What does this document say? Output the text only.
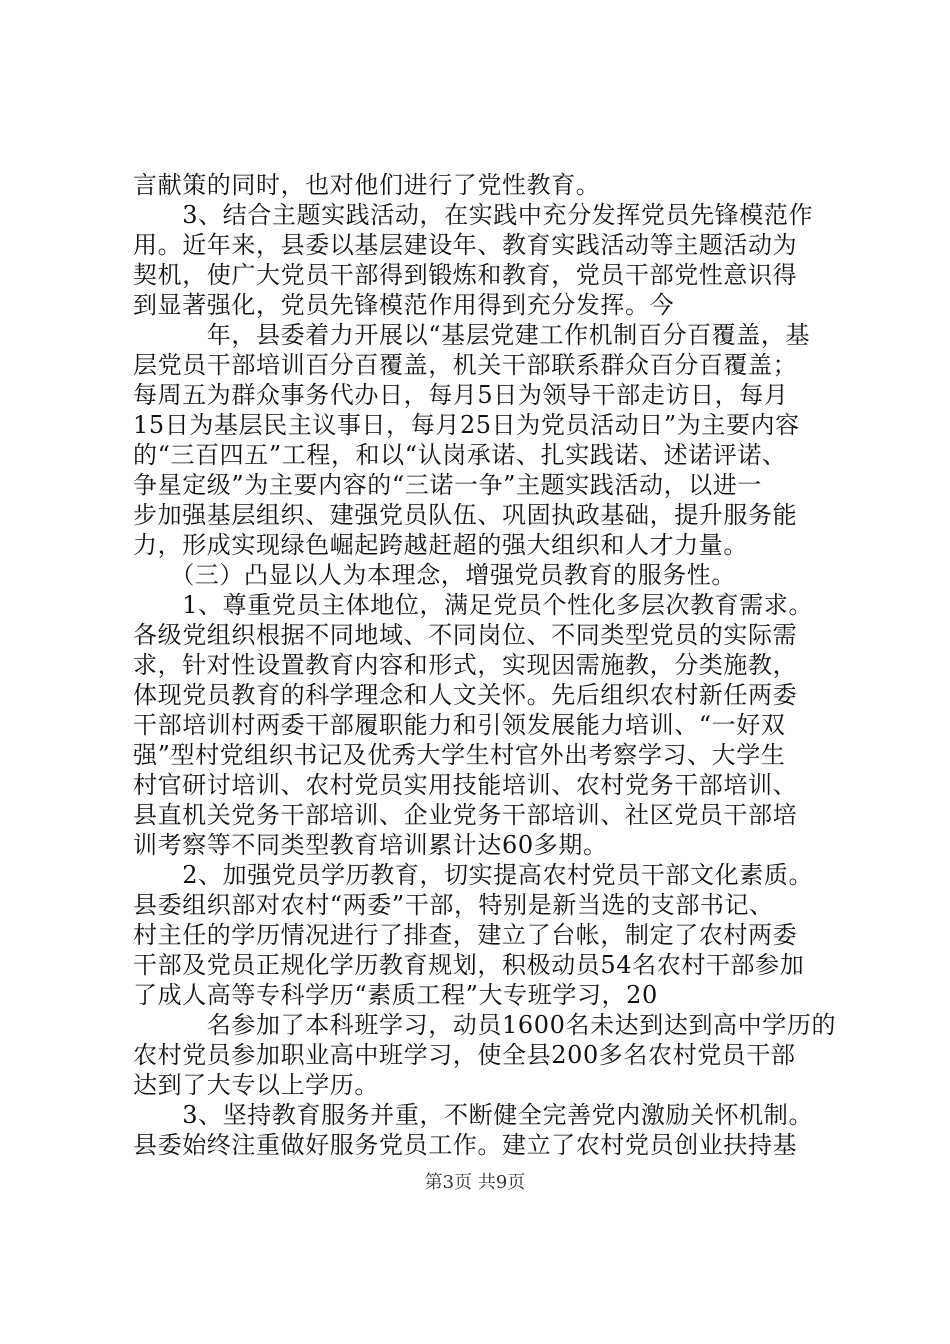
言献策的同时，也对他们进行了党性教育。
　　3、结合主题实践活动，在实践中充分发挥党员先锋模范作
用。近年来，县委以基层建设年、教育实践活动等主题活动为
契机，使广大党员干部得到锻炼和教育，党员干部党性意识得
到显著强化，党员先锋模范作用得到充分发挥。今
　　　年，县委着力开展以“基层党建工作机制百分百覆盖，基
层党员干部培训百分百覆盖，机关干部联系群众百分百覆盖；
每周五为群众事务代办日，每月5日为领导干部走访日，每月
15日为基层民主议事日，每月25日为党员活动日”为主要内容
的“三百四五”工程，和以“认岗承诺、扎实践诺、述诺评诺、
争星定级”为主要内容的“三诺一争”主题实践活动，以进一
步加强基层组织、建强党员队伍、巩固执政基础，提升服务能
力，形成实现绿色崛起跨越赶超的强大组织和人才力量。
　　（三）凸显以人为本理念，增强党员教育的服务性。
　　1、尊重党员主体地位，满足党员个性化多层次教育需求。
各级党组织根据不同地域、不同岗位、不同类型党员的实际需
求，针对性设置教育内容和形式，实现因需施教，分类施教，
体现党员教育的科学理念和人文关怀。先后组织农村新任两委
干部培训村两委干部履职能力和引领发展能力培训、“一好双
强”型村党组织书记及优秀大学生村官外出考察学习、大学生
村官研讨培训、农村党员实用技能培训、农村党务干部培训、
县直机关党务干部培训、企业党务干部培训、社区党员干部培
训考察等不同类型教育培训累计达60多期。
　　2、加强党员学历教育，切实提高农村党员干部文化素质。
县委组织部对农村“两委”干部，特别是新当选的支部书记、
村主任的学历情况进行了排查，建立了台帐，制定了农村两委
干部及党员正规化学历教育规划，积极动员54名农村干部参加
了成人高等专科学历“素质工程”大专班学习，20
　　　名参加了本科班学习，动员1600名未达到达到高中学历的
农村党员参加职业高中班学习，使全县200多名农村党员干部
达到了大专以上学历。
　　3、坚持教育服务并重，不断健全完善党内激励关怀机制。
县委始终注重做好服务党员工作。建立了农村党员创业扶持基
第3页 共9页
